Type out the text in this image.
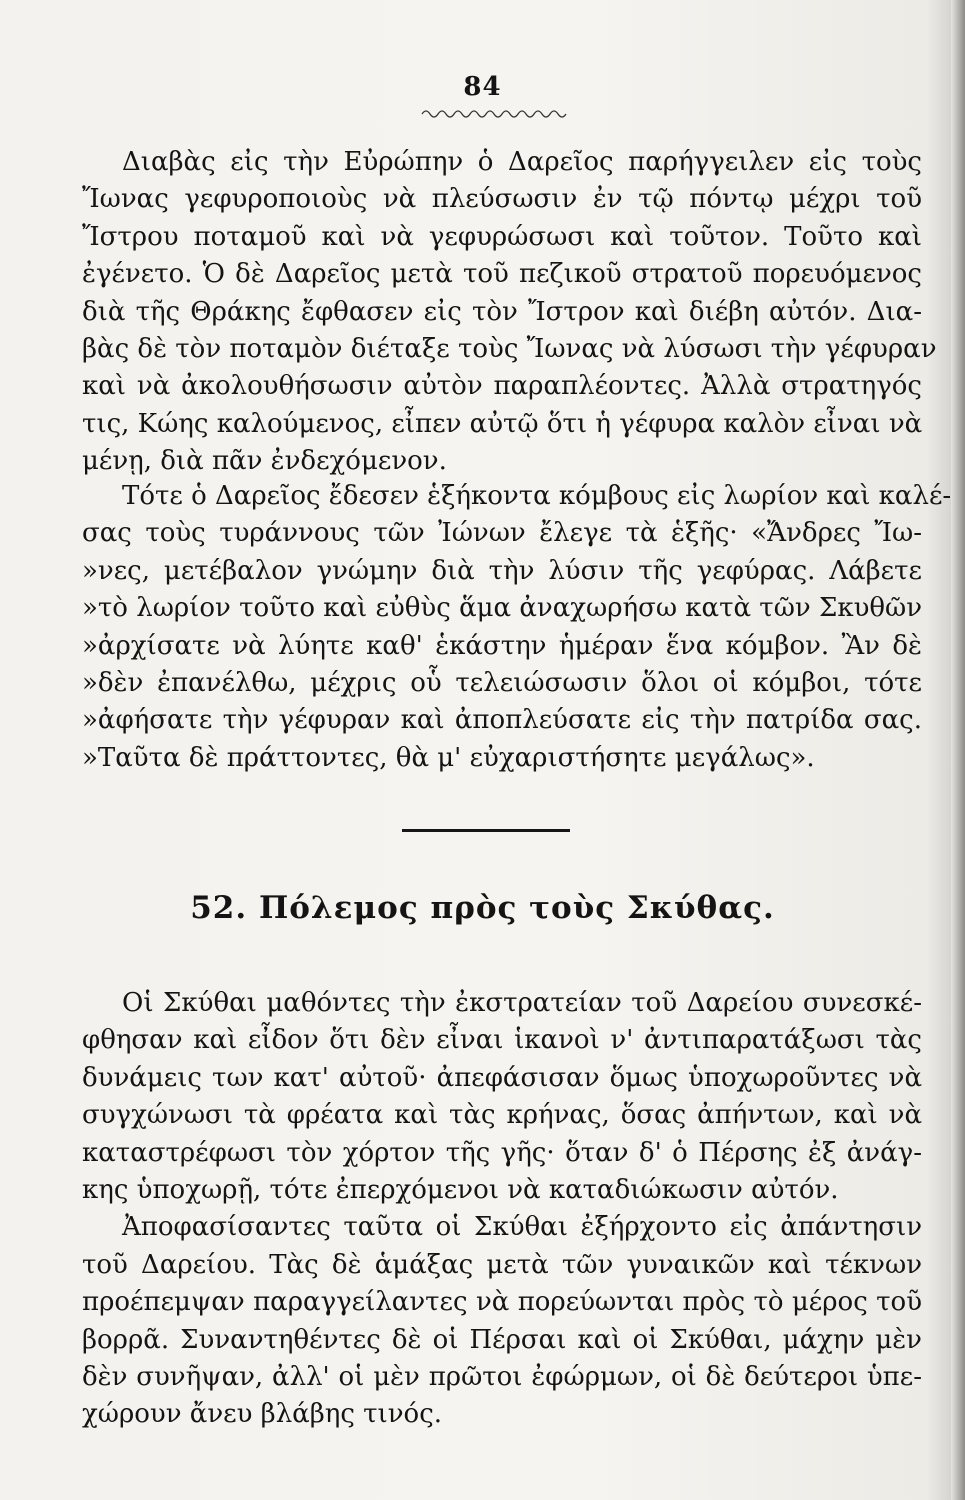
84
Διαβὰς εἰς τὴν Εὐρώπην ὁ Δαρεῖος παρήγγειλεν εἰς τοὺς
Ἴωνας γεφυροποιοὺς νὰ πλεύσωσιν ἐν τῷ πόντῳ μέχρι τοῦ
Ἴστρου ποταμοῦ καὶ νὰ γεφυρώσωσι καὶ τοῦτον. Τοῦτο καὶ
ἐγένετο. Ὁ δὲ Δαρεῖος μετὰ τοῦ πεζικοῦ στρατοῦ πορευόμενος
διὰ τῆς Θράκης ἔφθασεν εἰς τὸν Ἴστρον καὶ διέβη αὐτόν. Δια-
βὰς δὲ τὸν ποταμὸν διέταξε τοὺς Ἴωνας νὰ λύσωσι τὴν γέφυραν
καὶ νὰ ἀκολουθήσωσιν αὐτὸν παραπλέοντες. Ἀλλὰ στρατηγός
τις, Κώης καλούμενος, εἶπεν αὐτῷ ὅτι ἡ γέφυρα καλὸν εἶναι νὰ
μένῃ, διὰ πᾶν ἐνδεχόμενον.
Τότε ὁ Δαρεῖος ἔδεσεν ἑξήκοντα κόμβους εἰς λωρίον καὶ καλέ-
σας τοὺς τυράννους τῶν Ἰώνων ἔλεγε τὰ ἑξῆς· «Ἄνδρες Ἴω-
»νες, μετέβαλον γνώμην διὰ τὴν λύσιν τῆς γεφύρας. Λάβετε
»τὸ λωρίον τοῦτο καὶ εὐθὺς ἅμα ἀναχωρήσω κατὰ τῶν Σκυθῶν
»ἀρχίσατε νὰ λύητε καθ' ἑκάστην ἡμέραν ἕνα κόμβον. Ἂν δὲ
»δὲν ἐπανέλθω, μέχρις οὗ τελειώσωσιν ὅλοι οἱ κόμβοι, τότε
»ἀφήσατε τὴν γέφυραν καὶ ἀποπλεύσατε εἰς τὴν πατρίδα σας.
»Ταῦτα δὲ πράττοντες, θὰ μ' εὐχαριστήσητε μεγάλως».
52. Πόλεμος πρὸς τοὺς Σκύθας.
Οἱ Σκύθαι μαθόντες τὴν ἐκστρατείαν τοῦ Δαρείου συνεσκέ-
φθησαν καὶ εἶδον ὅτι δὲν εἶναι ἱκανοὶ ν' ἀντιπαρατάξωσι τὰς
δυνάμεις των κατ' αὐτοῦ· ἀπεφάσισαν ὅμως ὑποχωροῦντες νὰ
συγχώνωσι τὰ φρέατα καὶ τὰς κρήνας, ὅσας ἀπήντων, καὶ νὰ
καταστρέφωσι τὸν χόρτον τῆς γῆς· ὅταν δ' ὁ Πέρσης ἐξ ἀνάγ-
κης ὑποχωρῇ, τότε ἐπερχόμενοι νὰ καταδιώκωσιν αὐτόν.
Ἀποφασίσαντες ταῦτα οἱ Σκύθαι ἐξήρχοντο εἰς ἀπάντησιν
τοῦ Δαρείου. Τὰς δὲ ἁμάξας μετὰ τῶν γυναικῶν καὶ τέκνων
προέπεμψαν παραγγείλαντες νὰ πορεύωνται πρὸς τὸ μέρος τοῦ
βορρᾶ. Συναντηθέντες δὲ οἱ Πέρσαι καὶ οἱ Σκύθαι, μάχην μὲν
δὲν συνῆψαν, ἀλλ' οἱ μὲν πρῶτοι ἐφώρμων, οἱ δὲ δεύτεροι ὑπε-
χώρουν ἄνευ βλάβης τινός.
